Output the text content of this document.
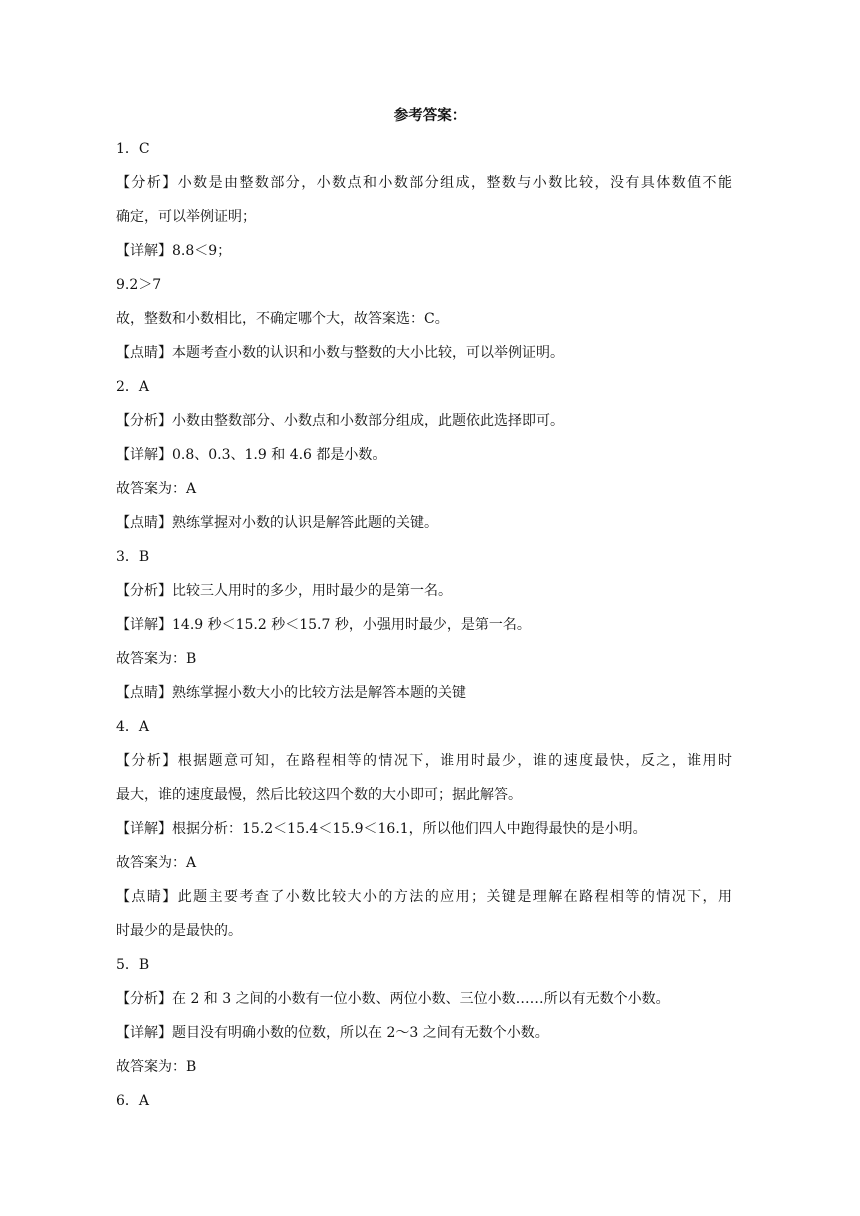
参考答案：
1．C
【分析】小数是由整数部分，小数点和小数部分组成，整数与小数比较，没有具体数值不能
确定，可以举例证明；
【详解】8.8＜9；
9.2＞7
故，整数和小数相比，不确定哪个大，故答案选：C。
【点睛】本题考查小数的认识和小数与整数的大小比较，可以举例证明。
2．A
【分析】小数由整数部分、小数点和小数部分组成，此题依此选择即可。
【详解】0.8、0.3、1.9 和 4.6 都是小数。
故答案为：A
【点睛】熟练掌握对小数的认识是解答此题的关键。
3．B
【分析】比较三人用时的多少，用时最少的是第一名。
【详解】14.9 秒＜15.2 秒＜15.7 秒，小强用时最少，是第一名。
故答案为：B
【点睛】熟练掌握小数大小的比较方法是解答本题的关键
4．A
【分析】根据题意可知，在路程相等的情况下，谁用时最少，谁的速度最快，反之，谁用时
最大，谁的速度最慢，然后比较这四个数的大小即可；据此解答。
【详解】根据分析：15.2＜15.4＜15.9＜16.1，所以他们四人中跑得最快的是小明。
故答案为：A
【点睛】此题主要考查了小数比较大小的方法的应用；关键是理解在路程相等的情况下，用
时最少的是最快的。
5．B
【分析】在 2 和 3 之间的小数有一位小数、两位小数、三位小数……所以有无数个小数。
【详解】题目没有明确小数的位数，所以在 2～3 之间有无数个小数。
故答案为：B
6．A
